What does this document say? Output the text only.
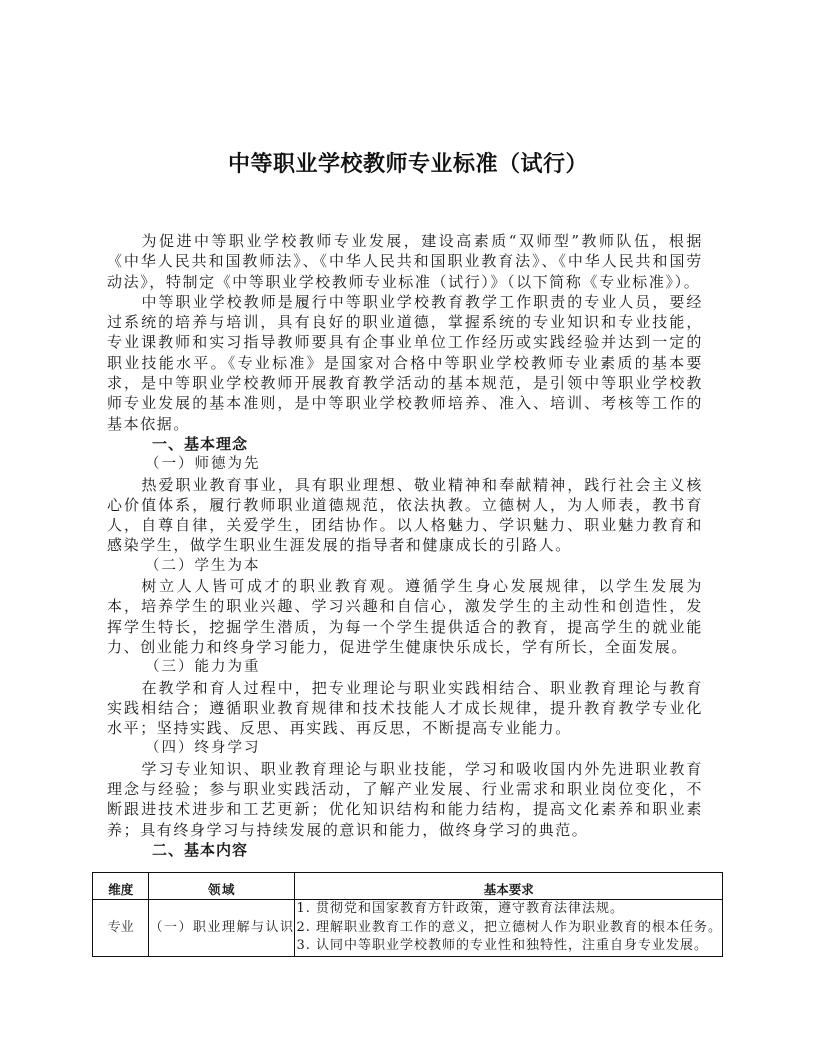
中等职业学校教师专业标准（试行）

为促进中等职业学校教师专业发展，建设高素质“双师型”教师队伍，根据《中华人民共和国教师法》、《中华人民共和国职业教育法》、《中华人民共和国劳动法》，特制定《中等职业学校教师专业标准（试行）》（以下简称《专业标准》）。

中等职业学校教师是履行中等职业学校教育教学工作职责的专业人员，要经过系统的培养与培训，具有良好的职业道德，掌握系统的专业知识和专业技能，专业课教师和实习指导教师要具有企事业单位工作经历或实践经验并达到一定的职业技能水平。《专业标准》是国家对合格中等职业学校教师专业素质的基本要求，是中等职业学校教师开展教育教学活动的基本规范，是引领中等职业学校教师专业发展的基本准则，是中等职业学校教师培养、准入、培训、考核等工作的基本依据。

一、基本理念
（一）师德为先

热爱职业教育事业，具有职业理想、敬业精神和奉献精神，践行社会主义核心价值体系，履行教师职业道德规范，依法执教。立德树人，为人师表，教书育人，自尊自律，关爱学生，团结协作。以人格魅力、学识魅力、职业魅力教育和感染学生，做学生职业生涯发展的指导者和健康成长的引路人。

（二）学生为本

树立人人皆可成才的职业教育观。遵循学生身心发展规律，以学生发展为本，培养学生的职业兴趣、学习兴趣和自信心，激发学生的主动性和创造性，发挥学生特长，挖掘学生潜质，为每一个学生提供适合的教育，提高学生的就业能力、创业能力和终身学习能力，促进学生健康快乐成长，学有所长，全面发展。

（三）能力为重

在教学和育人过程中，把专业理论与职业实践相结合、职业教育理论与教育实践相结合；遵循职业教育规律和技术技能人才成长规律，提升教育教学专业化水平；坚持实践、反思、再实践、再反思，不断提高专业能力。

（四）终身学习

学习专业知识、职业教育理论与职业技能，学习和吸收国内外先进职业教育理念与经验；参与职业实践活动，了解产业发展、行业需求和职业岗位变化，不断跟进技术进步和工艺更新；优化知识结构和能力结构，提高文化素养和职业素养；具有终身学习与持续发展的意识和能力，做终身学习的典范。

二、基本内容
维度	领域	基本要求
专业	（一）职业理解与认识	1. 贯彻党和国家教育方针政策，遵守教育法律法规。
2. 理解职业教育工作的意义，把立德树人作为职业教育的根本任务。
3. 认同中等职业学校教师的专业性和独特性，注重自身专业发展。
